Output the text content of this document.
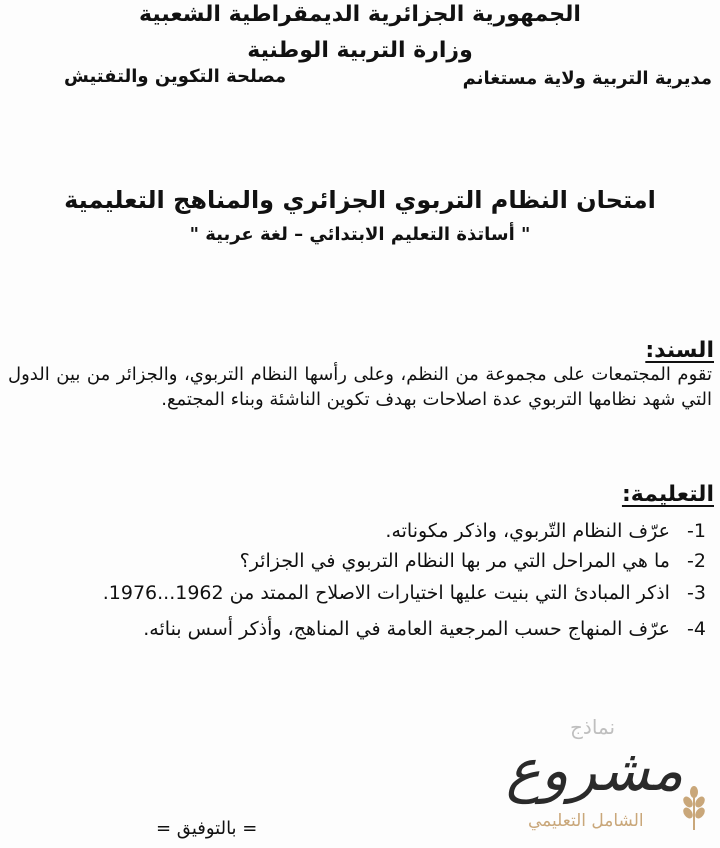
الجمهورية الجزائرية الديمقراطية الشعبية
وزارة التربية الوطنية
مديرية التربية ولاية مستغانم
مصلحة التكوين والتفتيش
امتحان النظام التربوي الجزائري والمناهج التعليمية
" أساتذة التعليم الابتدائي – لغة عربية "
السند:
تقوم المجتمعات على مجموعة من النظم، وعلى رأسها النظام التربوي، والجزائر من بين الدول التي شهد نظامها التربوي عدة اصلاحات بهدف تكوين الناشئة وبناء المجتمع.
التعليمة:
1- عرّف النظام التّربوي، واذكر مكوناته.
2- ما هي المراحل التي مر بها النظام التربوي في الجزائر؟
3- اذكر المبادئ التي بنيت عليها اختيارات الاصلاح الممتد من 1962...1976.
4- عرّف المنهاج حسب المرجعية العامة في المناهج، وأذكر أسس بنائه.
= بالتوفيق =
نماذج
مشروع
الشامل التعليمي
